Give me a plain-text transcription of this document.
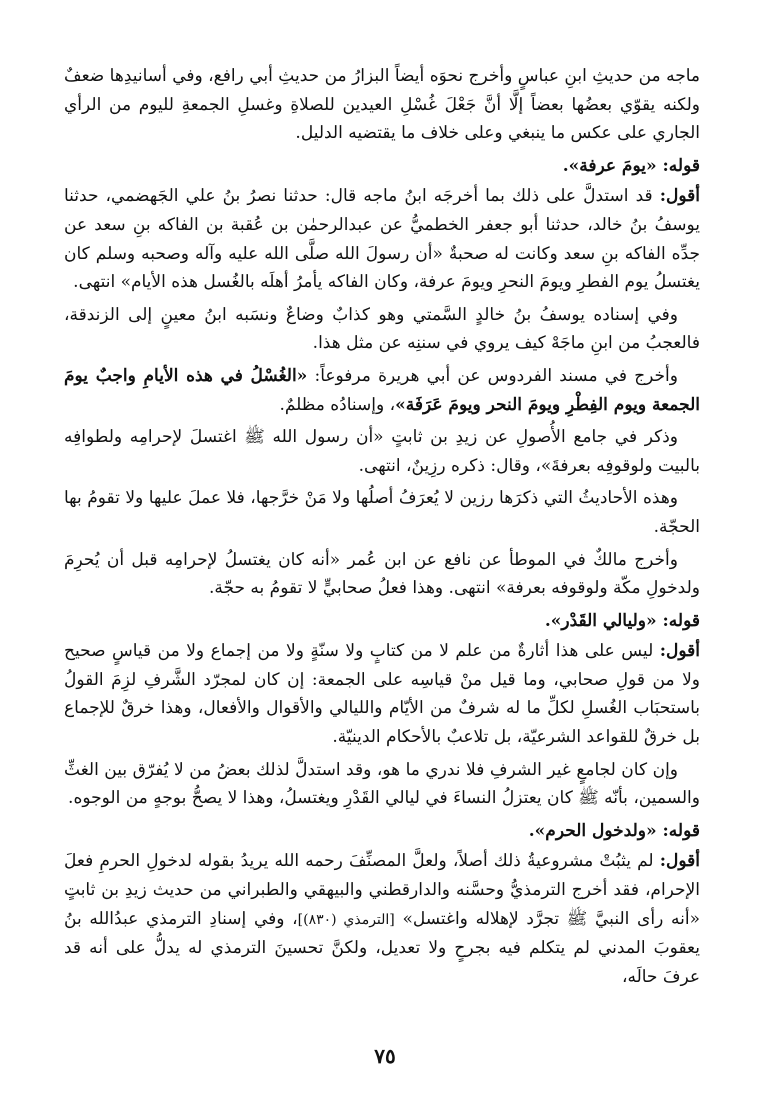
ماجه من حديثِ ابنِ عباسٍ وأخرج نحوَه أيضاً البزارُ من حديثِ أبي رافع، وفي أسانيدِها ضعفٌ ولكنه يقوّي بعضُها بعضاً إلَّا أنَّ جَعْلَ غُسْلِ العيدين للصلاةِ وغسلِ الجمعةِ لليوم من الرأي الجاري على عكس ما ينبغي وعلى خلاف ما يقتضيه الدليل.

قوله: «يومَ عرفة».

أقول: قد استدلَّ على ذلك بما أخرجَه ابنُ ماجه قال: حدثنا نصرُ بنُ علي الجَهضمي، حدثنا يوسفُ بنُ خالد، حدثنا أبو جعفر الخطميُّ عن عبدالرحمٰن بن عُقبة بن الفاكه بنِ سعد عن جدِّه الفاكه بنِ سعد وكانت له صحبةٌ «أن رسولَ الله صلَّى الله عليه وآله وصحبه وسلم كان يغتسلُ يوم الفطرِ ويومَ النحرِ ويومَ عرفة، وكان الفاكه يأمرُ أهلَه بالغُسل هذه الأيام» انتهى.

وفي إسناده يوسفُ بنُ خالدٍ السَّمتي وهو كذابٌ وضاعٌ ونسَبه ابنُ معينٍ إلى الزندقة، فالعجبُ من ابنِ ماجَهْ كيف يروي في سننِه عن مثل هذا.

وأخرج في مسند الفردوس عن أبي هريرة مرفوعاً: «الغُسْلُ في هذه الأيامِ واجبٌ يومَ الجمعة ويوم الفِطْرِ ويومَ النحر ويومَ عَرَفَة»، وإسنادُه مظلمٌ.

وذكر في جامع الأُصولِ عن زيدِ بن ثابتٍ «أن رسول الله ﷺ اغتسلَ لإحرامِه ولطوافِه بالبيت ولوقوفِه بعرفةَ»، وقال: ذكره رزِينٌ، انتهى.

وهذه الأحاديثُ التي ذكرَها رزين لا يُعرَفُ أصلُها ولا مَنْ خرَّجها، فلا عملَ عليها ولا تقومُ بها الحجّة.

وأخرج مالكٌ في الموطأ عن نافع عن ابن عُمر «أنه كان يغتسلُ لإحرامِه قبل أن يُحرِمَ ولدخولِ مكّة ولوقوفه بعرفة» انتهى. وهذا فعلُ صحابيٍّ لا تقومُ به حجّة.

قوله: «وليالي القَدْر».

أقول: ليس على هذا أثارةٌ من علم لا من كتابٍ ولا سنّةٍ ولا من إجماع ولا من قياسٍ صحيح ولا من قولِ صحابي، وما قيل منْ قياسِه على الجمعة: إن كان لمجرّد الشَّرفِ لزِمَ القولُ باستحبَاب الغُسلِ لكلِّ ما له شرفٌ من الأيّام والليالي والأقوال والأفعال، وهذا خرقٌ للإجماع بل خرقٌ للقواعد الشرعيّة، بل تلاعبٌ بالأحكام الدينيّة.

وإن كان لجامعٍ غير الشرفِ فلا ندري ما هو، وقد استدلَّ لذلك بعضُ من لا يُفرّق بين الغثِّ والسمين، بأنّه ﷺ كان يعتزلُ النساءَ في ليالي القَدْرِ ويغتسلُ، وهذا لا يصحُّ بوجهٍ من الوجوه.

قوله: «ولدخول الحرم».

أقول: لم يثبُتْ مشروعيةُ ذلك أصلاً، ولعلَّ المصنِّفَ رحمه الله يريدُ بقوله لدخولِ الحرمِ فعلَ الإحرام، فقد أخرج الترمذيُّ وحسَّنه والدارقطني والبيهقي والطبراني من حديث زيدِ بن ثابتٍ «أنه رأى النبيَّ ﷺ تجرَّد لإهلاله واغتسل» [الترمذي (٨٣٠)]، وفي إسنادِ الترمذي عبدُالله بنُ يعقوبَ المدني لم يتكلم فيه بجرحٍ ولا تعديل، ولكنَّ تحسينَ الترمذي له يدلُّ على أنه قد عرفَ حالَه،

٧٥
